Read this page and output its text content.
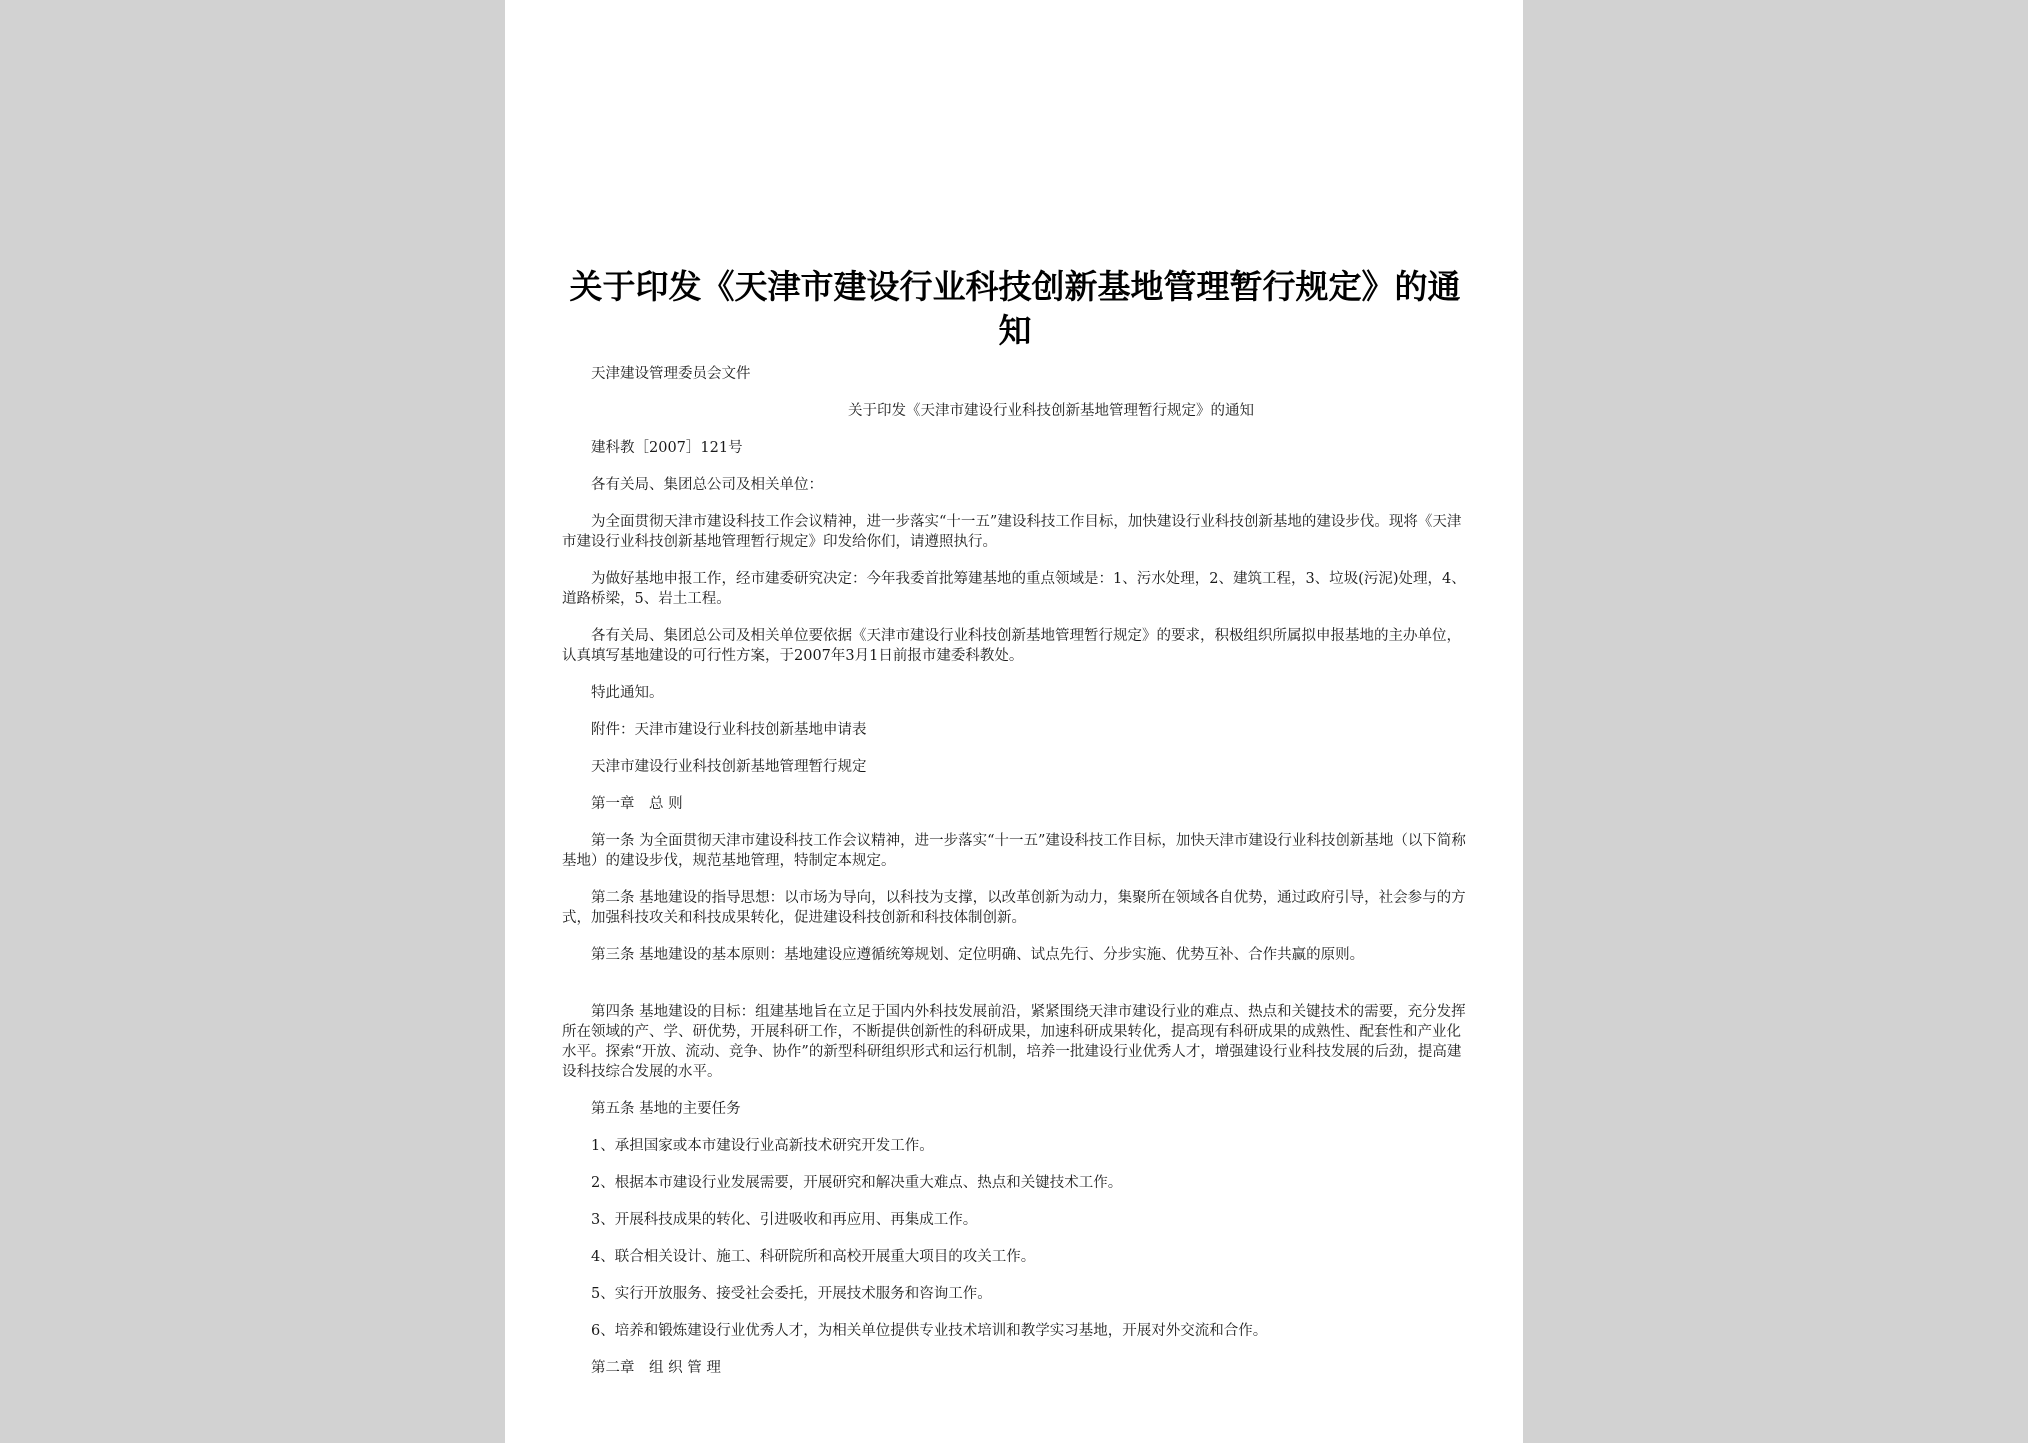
关于印发《天津市建设行业科技创新基地管理暂行规定》的通知

天津建设管理委员会文件

关于印发《天津市建设行业科技创新基地管理暂行规定》的通知

建科教［2007］121号

各有关局、集团总公司及相关单位：

为全面贯彻天津市建设科技工作会议精神，进一步落实“十一五”建设科技工作目标，加快建设行业科技创新基地的建设步伐。现将《天津市建设行业科技创新基地管理暂行规定》印发给你们，请遵照执行。

为做好基地申报工作，经市建委研究决定：今年我委首批筹建基地的重点领域是：1、污水处理，2、建筑工程，3、垃圾(污泥)处理，4、道路桥梁，5、岩土工程。

各有关局、集团总公司及相关单位要依据《天津市建设行业科技创新基地管理暂行规定》的要求，积极组织所属拟申报基地的主办单位，认真填写基地建设的可行性方案，于2007年3月1日前报市建委科教处。

特此通知。

附件：天津市建设行业科技创新基地申请表

天津市建设行业科技创新基地管理暂行规定

第一章　总 则

第一条 为全面贯彻天津市建设科技工作会议精神，进一步落实“十一五”建设科技工作目标，加快天津市建设行业科技创新基地（以下简称基地）的建设步伐，规范基地管理，特制定本规定。

第二条 基地建设的指导思想：以市场为导向，以科技为支撑，以改革创新为动力，集聚所在领域各自优势，通过政府引导，社会参与的方式，加强科技攻关和科技成果转化，促进建设科技创新和科技体制创新。

第三条 基地建设的基本原则：基地建设应遵循统筹规划、定位明确、试点先行、分步实施、优势互补、合作共赢的原则。

第四条 基地建设的目标：组建基地旨在立足于国内外科技发展前沿，紧紧围绕天津市建设行业的难点、热点和关键技术的需要，充分发挥所在领域的产、学、研优势，开展科研工作，不断提供创新性的科研成果，加速科研成果转化，提高现有科研成果的成熟性、配套性和产业化水平。探索“开放、流动、竞争、协作”的新型科研组织形式和运行机制，培养一批建设行业优秀人才，增强建设行业科技发展的后劲，提高建设科技综合发展的水平。

第五条 基地的主要任务

1、承担国家或本市建设行业高新技术研究开发工作。

2、根据本市建设行业发展需要，开展研究和解决重大难点、热点和关键技术工作。

3、开展科技成果的转化、引进吸收和再应用、再集成工作。

4、联合相关设计、施工、科研院所和高校开展重大项目的攻关工作。

5、实行开放服务、接受社会委托，开展技术服务和咨询工作。

6、培养和锻炼建设行业优秀人才，为相关单位提供专业技术培训和教学实习基地，开展对外交流和合作。

第二章　组 织 管 理
